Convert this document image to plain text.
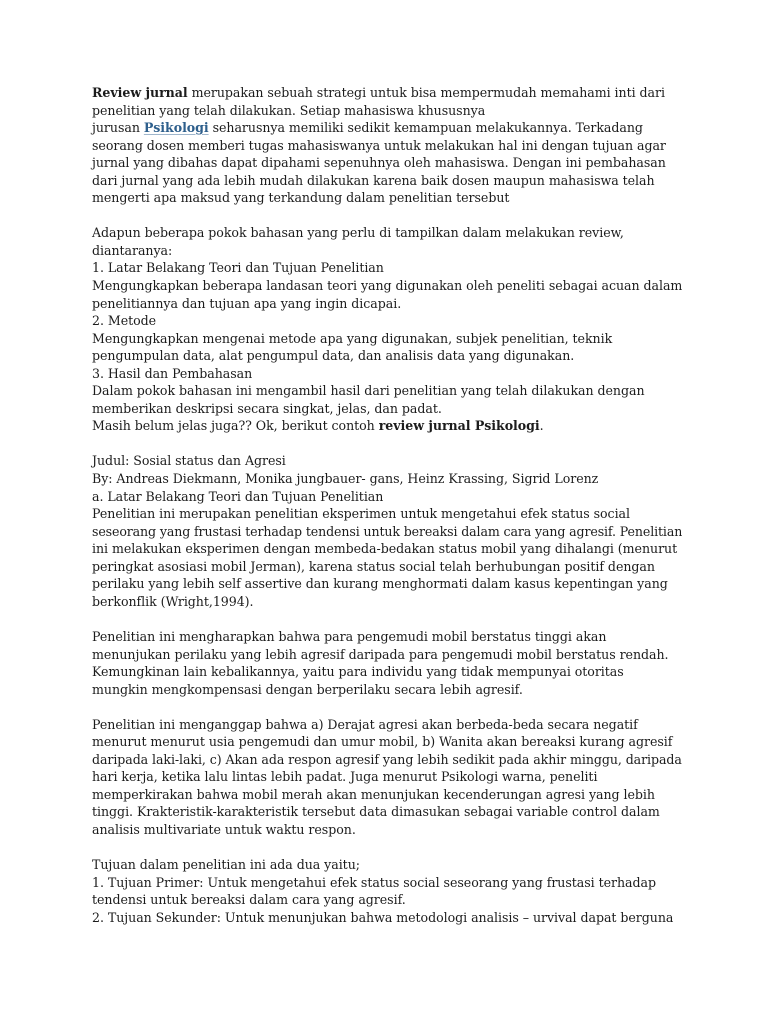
Review jurnal merupakan sebuah strategi untuk bisa mempermudah memahami inti dari
penelitian yang telah dilakukan. Setiap mahasiswa khususnya
jurusan Psikologi seharusnya memiliki sedikit kemampuan melakukannya. Terkadang
seorang dosen memberi tugas mahasiswanya untuk melakukan hal ini dengan tujuan agar
jurnal yang dibahas dapat dipahami sepenuhnya oleh mahasiswa. Dengan ini pembahasan
dari jurnal yang ada lebih mudah dilakukan karena baik dosen maupun mahasiswa telah
mengerti apa maksud yang terkandung dalam penelitian tersebut
Adapun beberapa pokok bahasan yang perlu di tampilkan dalam melakukan review,
diantaranya:
1. Latar Belakang Teori dan Tujuan Penelitian
Mengungkapkan beberapa landasan teori yang digunakan oleh peneliti sebagai acuan dalam
penelitiannya dan tujuan apa yang ingin dicapai.
2. Metode
Mengungkapkan mengenai metode apa yang digunakan, subjek penelitian, teknik
pengumpulan data, alat pengumpul data, dan analisis data yang digunakan.
3. Hasil dan Pembahasan
Dalam pokok bahasan ini mengambil hasil dari penelitian yang telah dilakukan dengan
memberikan deskripsi secara singkat, jelas, dan padat.
Masih belum jelas juga?? Ok, berikut contoh review jurnal Psikologi.
Judul: Sosial status dan Agresi
By: Andreas Diekmann, Monika jungbauer- gans, Heinz Krassing, Sigrid Lorenz
a. Latar Belakang Teori dan Tujuan Penelitian
Penelitian ini merupakan penelitian eksperimen untuk mengetahui efek status social
seseorang yang frustasi terhadap tendensi untuk bereaksi dalam cara yang agresif. Penelitian
ini melakukan eksperimen dengan membeda-bedakan status mobil yang dihalangi (menurut
peringkat asosiasi mobil Jerman), karena status social telah berhubungan positif dengan
perilaku yang lebih self assertive dan kurang menghormati dalam kasus kepentingan yang
berkonflik (Wright,1994).
Penelitian ini mengharapkan bahwa para pengemudi mobil berstatus tinggi akan
menunjukan perilaku yang lebih agresif daripada para pengemudi mobil berstatus rendah.
Kemungkinan lain kebalikannya, yaitu para individu yang tidak mempunyai otoritas
mungkin mengkompensasi dengan berperilaku secara lebih agresif.
Penelitian ini menganggap bahwa a) Derajat agresi akan berbeda-beda secara negatif
menurut menurut usia pengemudi dan umur mobil, b) Wanita akan bereaksi kurang agresif
daripada laki-laki, c) Akan ada respon agresif yang lebih sedikit pada akhir minggu, daripada
hari kerja, ketika lalu lintas lebih padat. Juga menurut Psikologi warna, peneliti
memperkirakan bahwa mobil merah akan menunjukan kecenderungan agresi yang lebih
tinggi. Krakteristik-karakteristik tersebut data dimasukan sebagai variable control dalam
analisis multivariate untuk waktu respon.
Tujuan dalam penelitian ini ada dua yaitu;
1. Tujuan Primer: Untuk mengetahui efek status social seseorang yang frustasi terhadap
tendensi untuk bereaksi dalam cara yang agresif.
2. Tujuan Sekunder: Untuk menunjukan bahwa metodologi analisis – urvival dapat berguna
